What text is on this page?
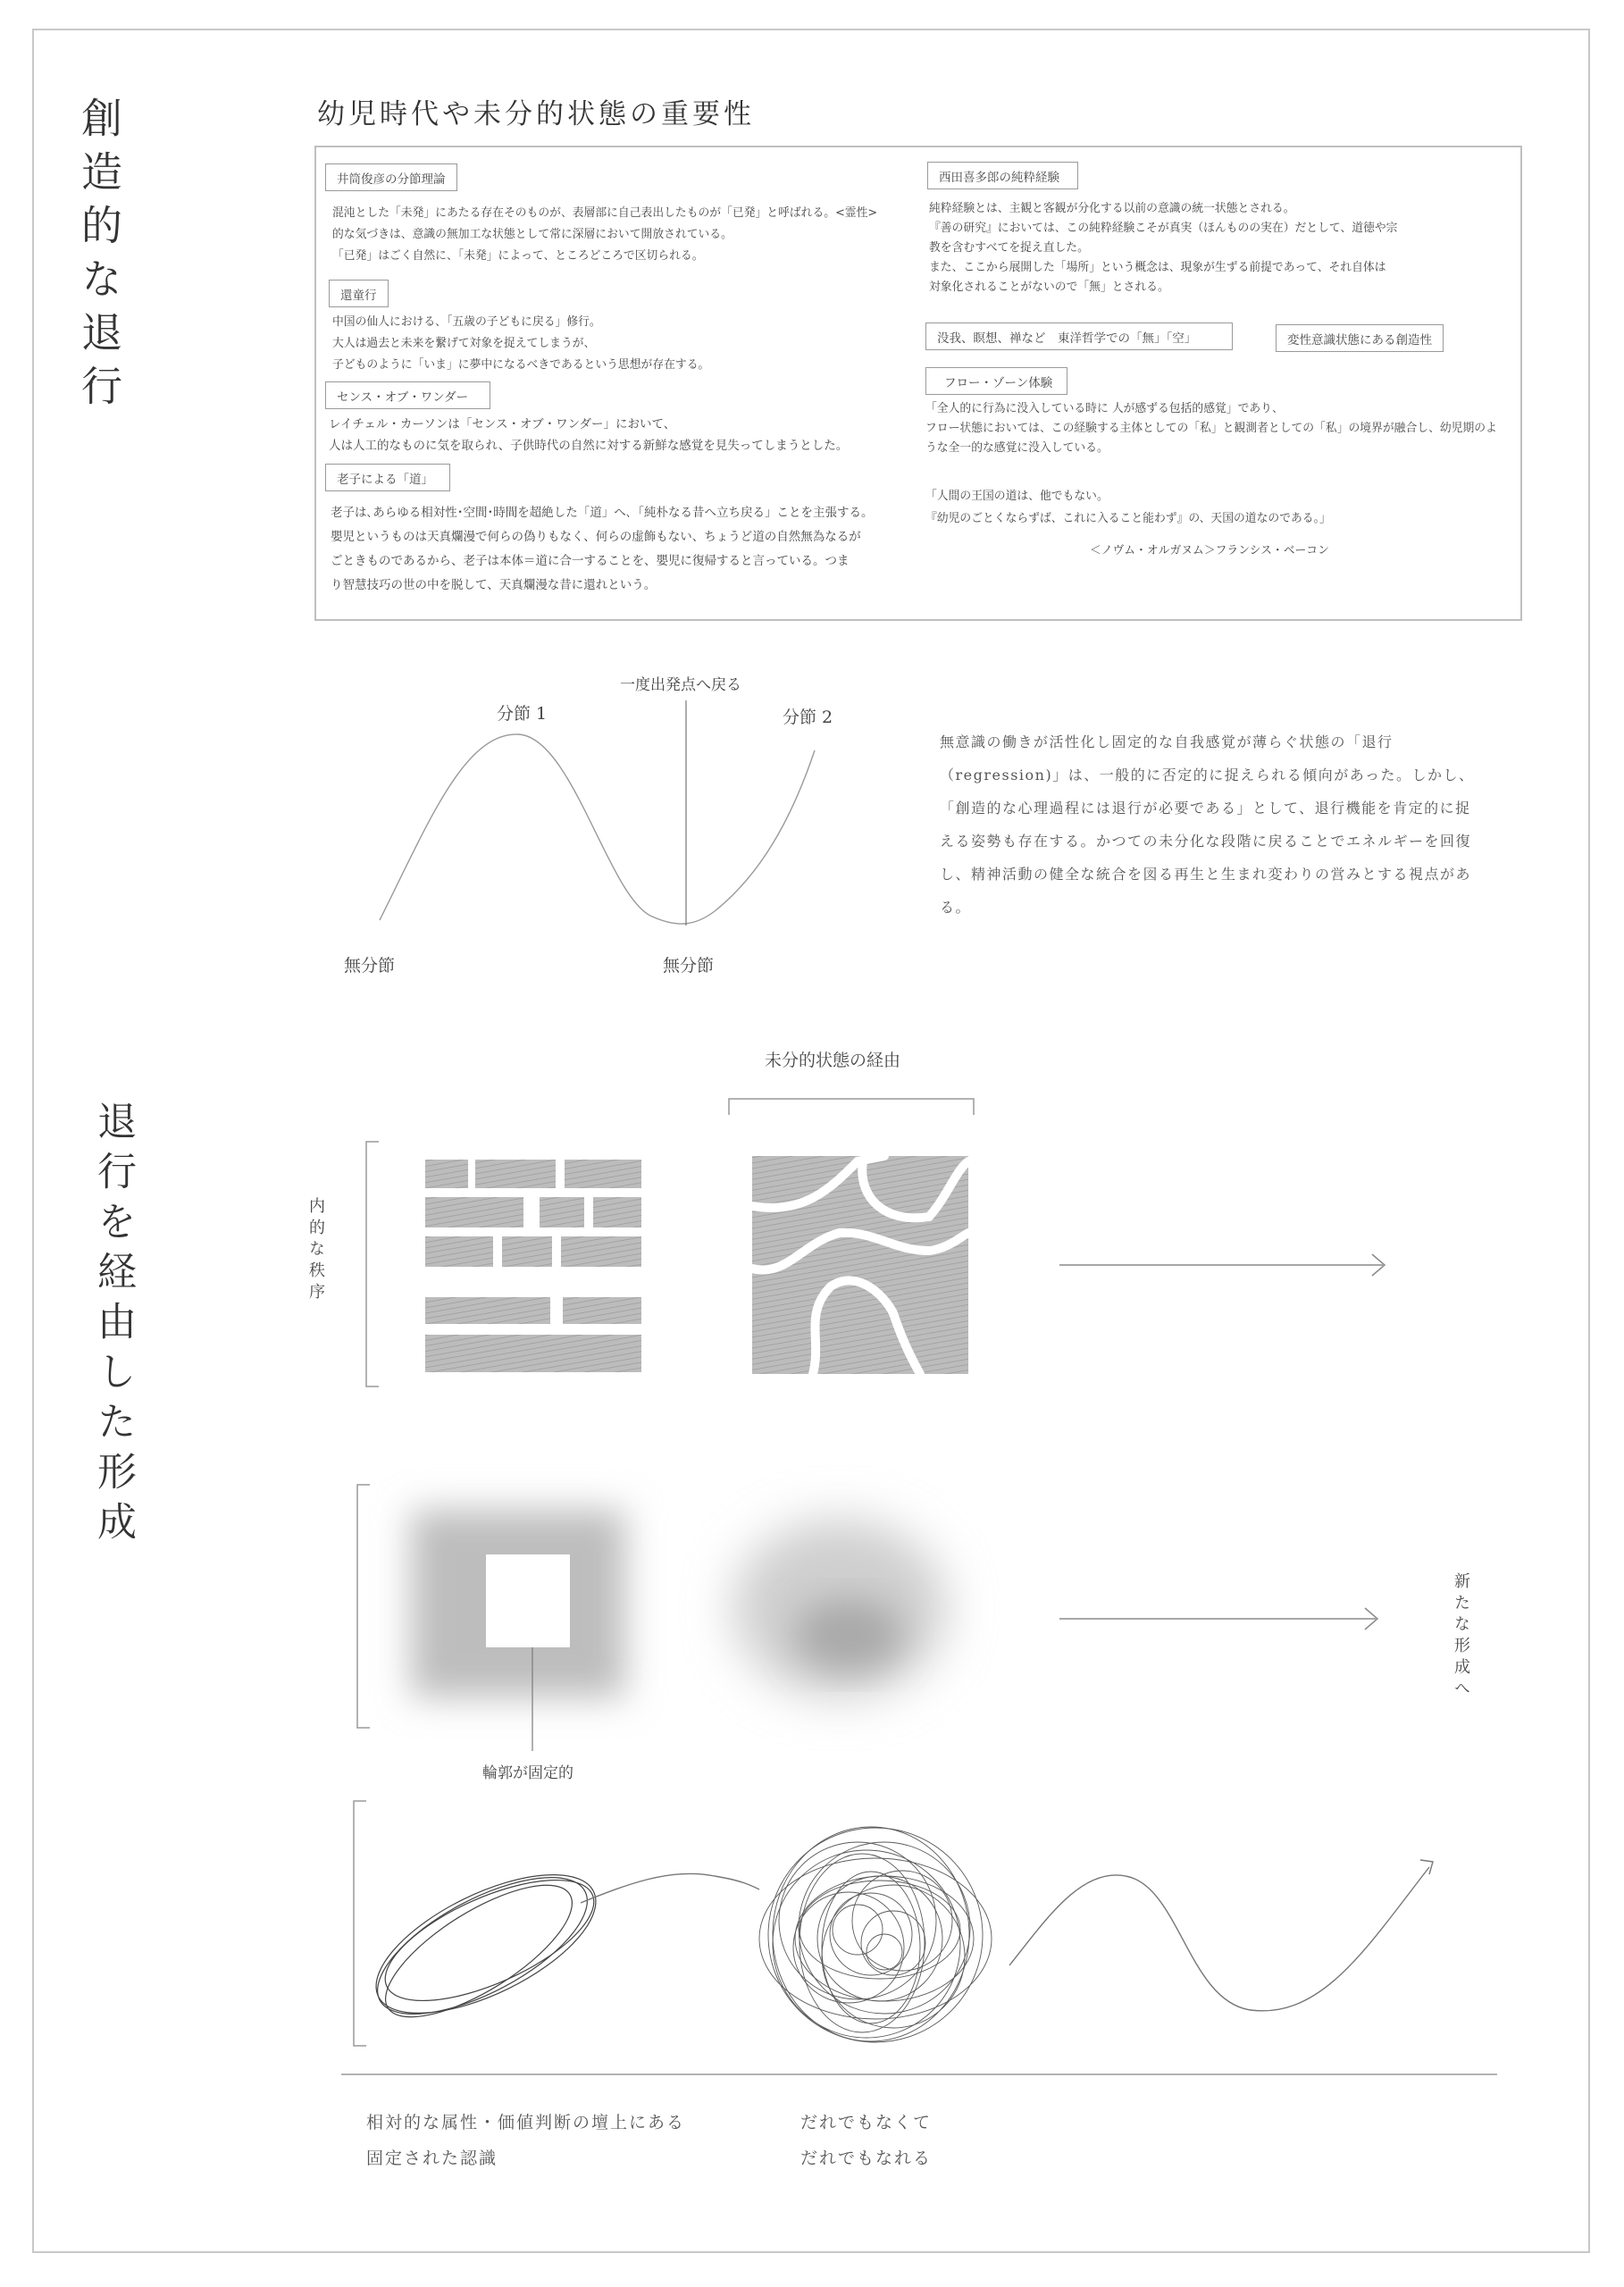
創造的な退行
退行を経由した形成
幼児時代や未分的状態の重要性
井筒俊彦の分節理論
混沌とした「未発」にあたる存在そのものが、表層部に自己表出したものが「已発」と呼ばれる。<霊性>
的な気づきは、意識の無加工な状態として常に深層において開放されている。
「已発」はごく自然に、「未発」によって、ところどころで区切られる。
還童行
中国の仙人における、「五歳の子どもに戻る」修行。
大人は過去と未来を繋げて対象を捉えてしまうが、
子どものように「いま」に夢中になるべきであるという思想が存在する。
センス・オブ・ワンダー
レイチェル・カーソンは「センス・オブ・ワンダー」において、
人は人工的なものに気を取られ、子供時代の自然に対する新鮮な感覚を見失ってしまうとした。
老子による「道」
老子は､あらゆる相対性･空間･時間を超絶した「道」へ､「純朴なる昔へ立ち戻る」ことを主張する。
嬰児というものは天真爛漫で何らの偽りもなく、何らの虚飾もない、ちょうど道の自然無為なるが
ごときものであるから、老子は本体＝道に合一することを、嬰児に復帰すると言っている。つま
り智慧技巧の世の中を脱して、天真爛漫な昔に還れという。
西田喜多郎の純粋経験
純粋経験とは、主観と客観が分化する以前の意識の統一状態とされる。
『善の研究』においては、この純粋経験こそが真実（ほんものの実在）だとして、道徳や宗
教を含むすべてを捉え直した。
また、ここから展開した「場所」という概念は、現象が生ずる前提であって、それ自体は
対象化されることがないので「無」とされる。
没我、瞑想、禅など　東洋哲学での「無」「空」	変性意識状態にある創造性
フロー・ゾーン体験
「全人的に行為に没入している時に 人が感ずる包括的感覚」であり、
フロー状態においては、この経験する主体としての「私」と観測者としての「私」の境界が融合し、幼児期のよ
うな全一的な感覚に没入している。
「人間の王国の道は、他でもない。
『幼児のごとくならずば、これに入ること能わず』の、天国の道なのである。」
＜ノヴム・オルガヌム＞フランシス・ベーコン
一度出発点へ戻る
分節 1	分節 2
無分節	無分節
無意識の働きが活性化し固定的な自我感覚が薄らぐ状態の「退行（regression)」は、一般的に否定的に捉えられる傾向があった。しかし、「創造的な心理過程には退行が必要である」として、退行機能を肯定的に捉える姿勢も存在する。かつての未分化な段階に戻ることでエネルギーを回復し、精神活動の健全な統合を図る再生と生まれ変わりの営みとする視点がある。
未分的状態の経由
内的な秩序
新たな形成へ
輪郭が固定的
相対的な属性・価値判断の壇上にある
固定された認識
だれでもなくて
だれでもなれる
